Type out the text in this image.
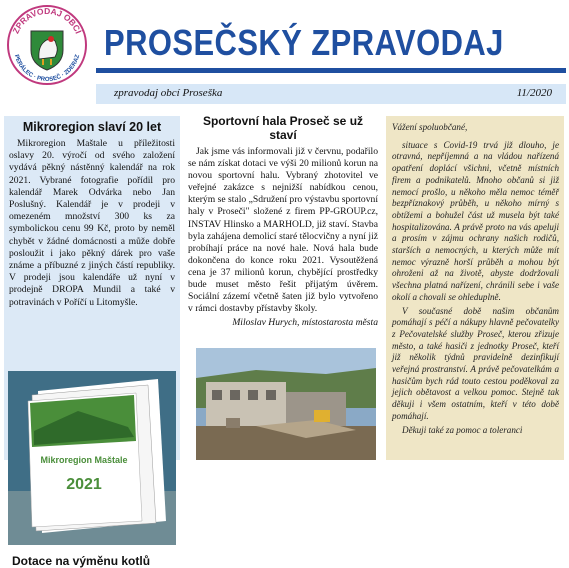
ZPRAVODAJ OBCÍ
PERÁLEC · PROSEČ · ZDERAZ PROSEČSKÝ ZPRAVODAJ
zpravodaj obcí Proseška	11/2020
Mikroregion slaví 20 let
Mikroregion Maštale u příležitosti oslavy 20. výročí od svého založení vydává pěkný nástěnný kalendář na rok 2021. Vybrané fotografie pořídil pro kalendář Marek Odvárka nebo Jan Poslušný. Kalendář je v prodeji v omezeném množství 300 ks za symbolickou cenu 99 Kč, proto by neměl chybět v žádné domácnosti a může dobře posloužit i jako pěkný dárek pro vaše známe a příbuzné z jiných částí republiky. V prodeji jsou kalendáře už nyní v prodejně DROPA Mundil a také v potravinách v Poříčí u Litomyšle.
Mikroregion Maštale
2021
Dotace na výměnu kotlů
Sportovní hala Proseč se už staví

Jak jsme vás informovali již v červnu, podařilo se nám získat dotaci ve výši 20 milionů korun na novou sportovní halu. Vybraný zhotovitel ve veřejné zakázce s nejnižší nabídkou cenou, kterým se stalo „Sdružení pro výstavbu sportovní haly v Proseči" složené z firem PP-GROUP.cz, INSTAV Hlinsko a MARHOLD, již staví. Stavba byla zahájena demolicí staré tělocvičny a nyní již probíhají práce na nové hale. Nová hala bude dokončena do konce roku 2021. Vysoutěžená cena je 37 milionů korun, chybějící prostředky bude muset město řešit přijatým úvěrem. Sociální zázemí včetně šaten již bylo vytvořeno v rámci dostavby přístavby školy.

Miloslav Hurych, místostarosta města

Vážení spoluobčané,

situace s Covid-19 trvá již dlouho, je otravná, nepříjemná a na vládou nařízená opatření doplácí všichni, včetně místních firem a podnikatelů. Mnoho občanů si již nemocí prošlo, u někoho měla nemoc téměř bezpříznakový průběh, u někoho mírný s obtížemi a bohužel část už musela být také hospitalizována. A právě proto na vás apeluji a prosím v zájmu ochrany našich rodičů, starších a nemocných, u kterých může mít nemoc výrazně horší průběh a mohou být ohroženi až na životě, abyste dodržovali všechna platná nařízení, chránili sebe i vaše okolí a chovali se ohleduplně.

V současné době našim občanům pomáhají s péčí a nákupy hlavně pečovatelky z Pečovatelské služby Proseč, kterou zřizuje město, a také hasiči z jednotky Proseč, kteří již několik týdnů pravidelně dezinfikují veřejná prostranství. A právě pečovatelkám a hasičům bych rád touto cestou poděkoval za jejich obětavost a velkou pomoc. Stejně tak děkuji i všem ostatním, kteří v této době pomáhají.

Děkuji také za pomoc a toleranci
